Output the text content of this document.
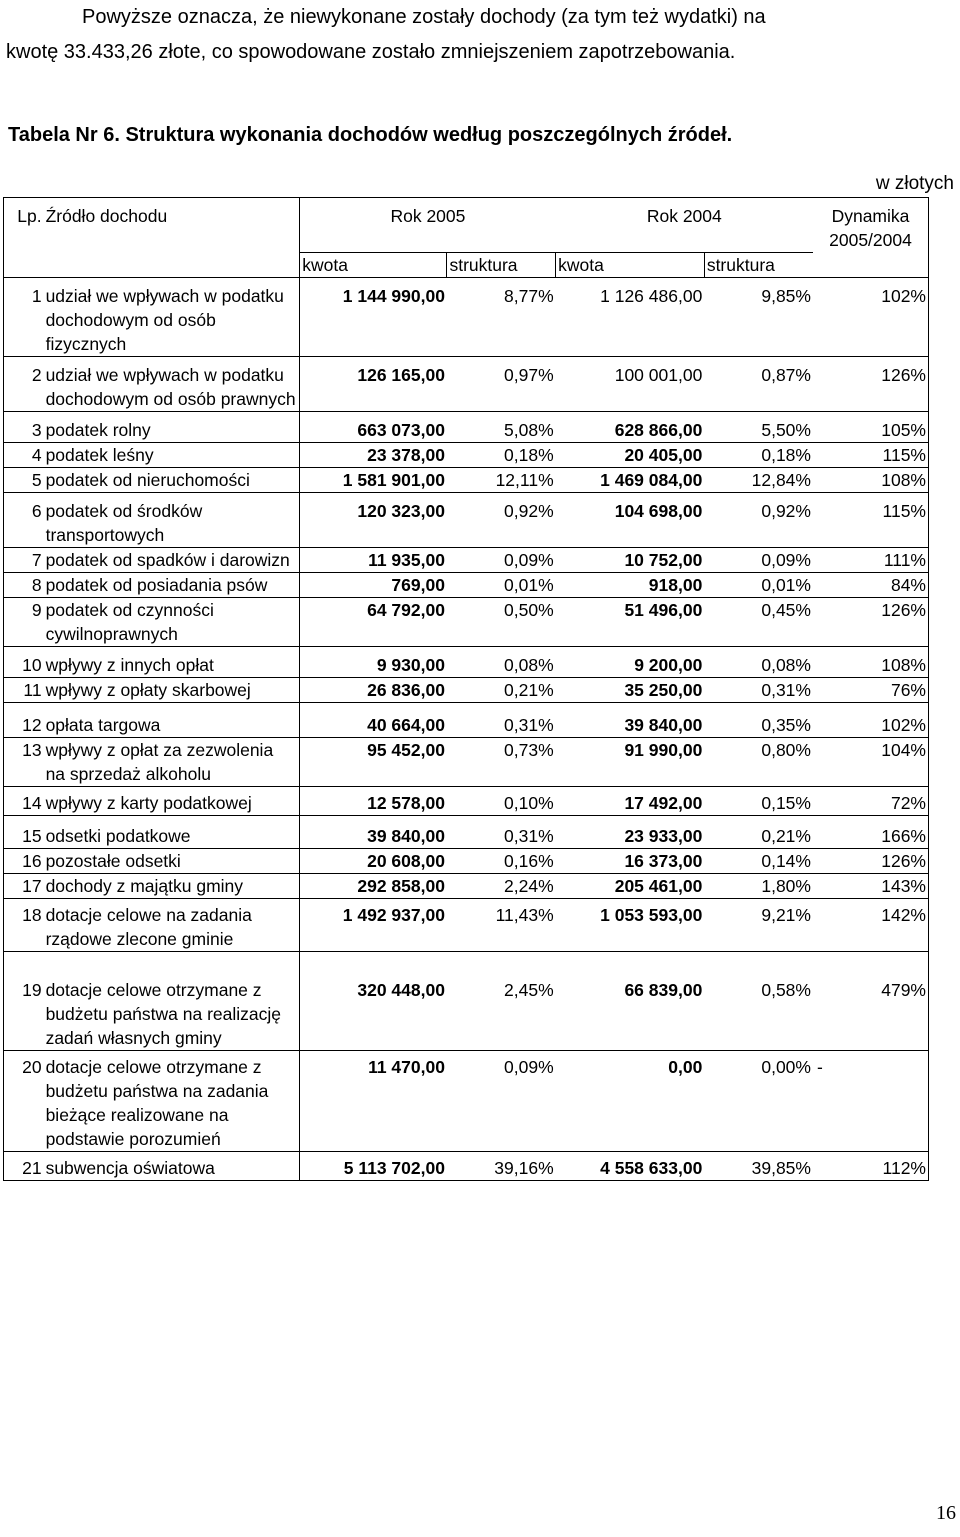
Powyższe oznacza, że niewykonane zostały dochody (za tym też wydatki) na
kwotę 33.433,26 złote, co spowodowane zostało zmniejszeniem zapotrzebowania.
Tabela Nr 6. Struktura wykonania dochodów według poszczególnych źródeł.
w złotych
Lp.	Źródło dochodu	Rok 2005		Rok 2004		Dynamika
2005/2004

		kwota	struktura	kwota	struktura	
1	udział we wpływach w podatku dochodowym od osób fizycznych	1 144 990,00	8,77%	1 126 486,00	9,85%	102%
2	udział we wpływach w podatku dochodowym od osób prawnych	126 165,00	0,97%	100 001,00	0,87%	126%
3	podatek rolny	663 073,00	5,08%	628 866,00	5,50%	105%
4	podatek leśny	23 378,00	0,18%	20 405,00	0,18%	115%
5	podatek od nieruchomości	1 581 901,00	12,11%	1 469 084,00	12,84%	108%
6	podatek od środków transportowych	120 323,00	0,92%	104 698,00	0,92%	115%
7	podatek od spadków i darowizn	11 935,00	0,09%	10 752,00	0,09%	111%
8	podatek od posiadania psów	769,00	0,01%	918,00	0,01%	84%
9	podatek od czynności cywilnoprawnych	64 792,00	0,50%	51 496,00	0,45%	126%
10	wpływy z innych opłat	9 930,00	0,08%	9 200,00	0,08%	108%
11	wpływy z opłaty skarbowej	26 836,00	0,21%	35 250,00	0,31%	76%
12	opłata targowa	40 664,00	0,31%	39 840,00	0,35%	102%
13	wpływy z opłat za zezwolenia na sprzedaż alkoholu	95 452,00	0,73%	91 990,00	0,80%	104%
14	wpływy z karty podatkowej	12 578,00	0,10%	17 492,00	0,15%	72%
15	odsetki podatkowe	39 840,00	0,31%	23 933,00	0,21%	166%
16	pozostałe odsetki	20 608,00	0,16%	16 373,00	0,14%	126%
17	dochody z majątku gminy	292 858,00	2,24%	205 461,00	1,80%	143%
18	dotacje celowe na zadania rządowe zlecone gminie	1 492 937,00	11,43%	1 053 593,00	9,21%	142%
19	dotacje celowe otrzymane z budżetu państwa na realizację zadań własnych gminy	320 448,00	2,45%	66 839,00	0,58%	479%
20	dotacje celowe otrzymane z budżetu państwa na zadania bieżące realizowane na podstawie porozumień	11 470,00	0,09%	0,00	0,00%	-
21	subwencja oświatowa	5 113 702,00	39,16%	4 558 633,00	39,85%	112%
16
